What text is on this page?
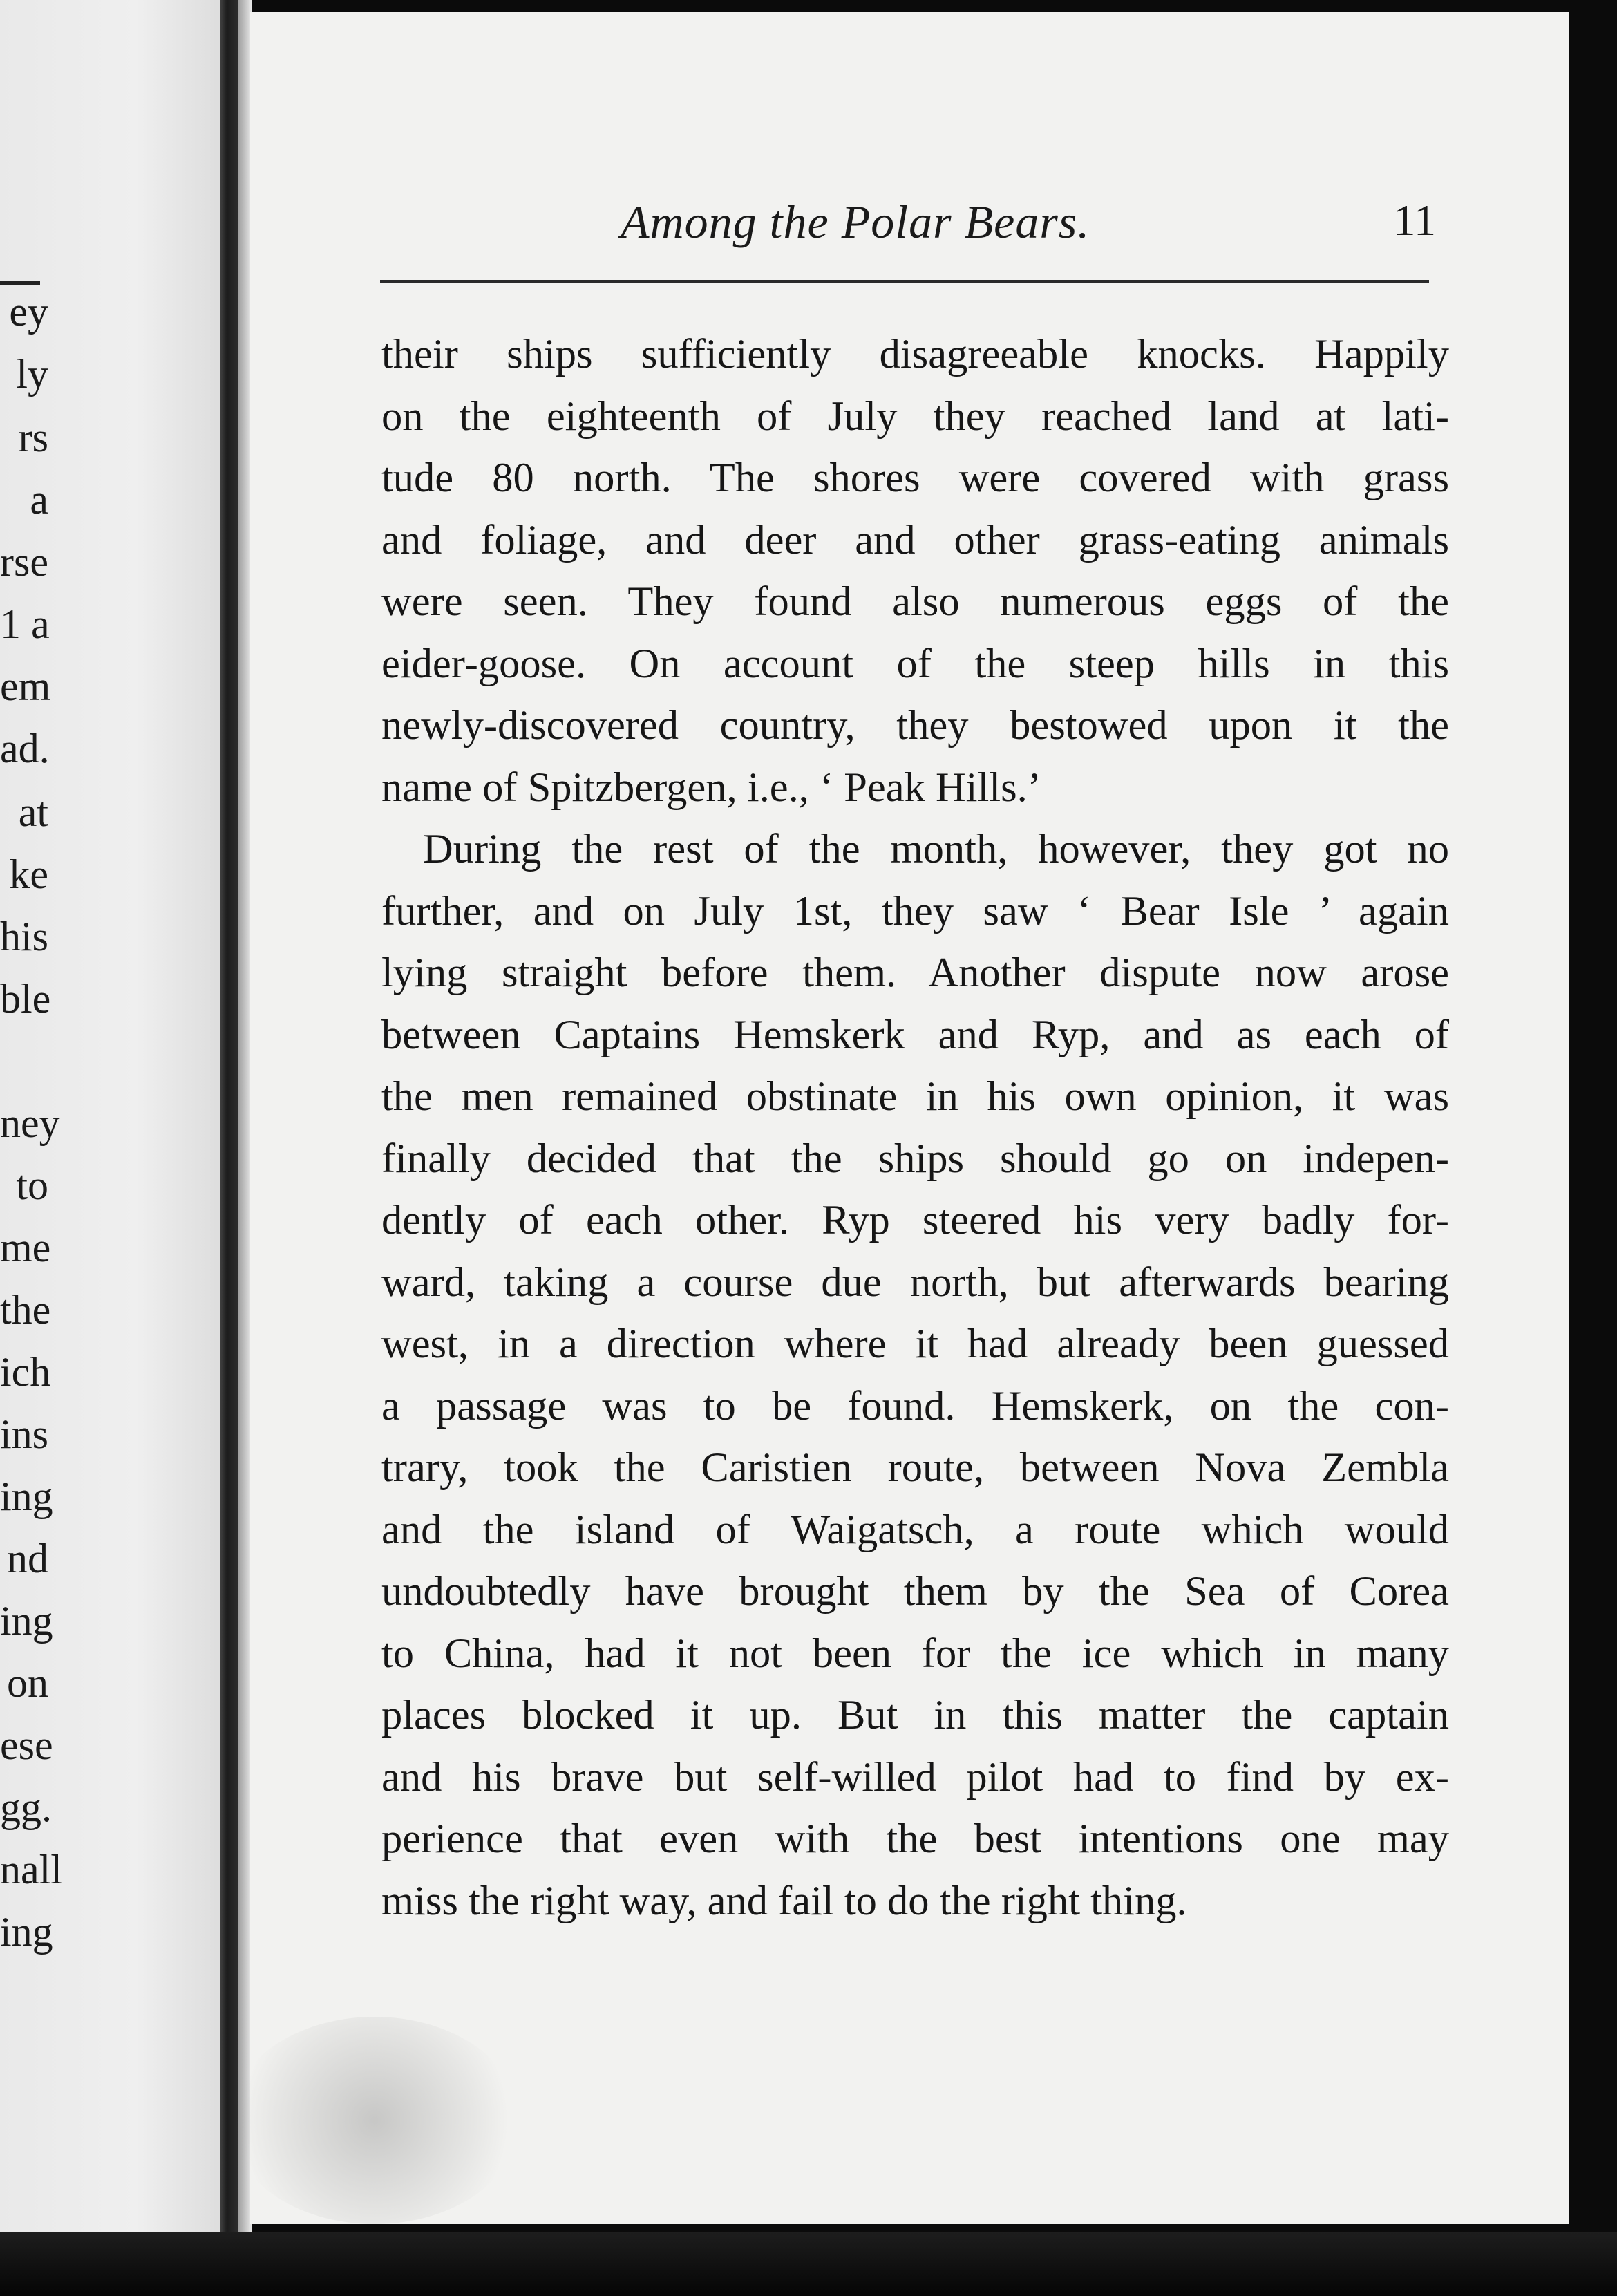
ey
ly
rs
a
rse
1 a
em
ad.
at
ke
his
ble
ney
to
me
the
ich
ins
ing
nd
ing
on
ese
gg.
nall
ing
Among the Polar Bears.	11
their ships sufficiently disagreeable knocks. Happily
on the eighteenth of July they reached land at lati-
tude 80 north. The shores were covered with grass
and foliage, and deer and other grass-eating animals
were seen. They found also numerous eggs of the
eider-goose. On account of the steep hills in this
newly-discovered country, they bestowed upon it the
name of Spitzbergen, i.e., ‘ Peak Hills.’
During the rest of the month, however, they got no
further, and on July 1st, they saw ‘ Bear Isle ’ again
lying straight before them. Another dispute now arose
between Captains Hemskerk and Ryp, and as each of
the men remained obstinate in his own opinion, it was
finally decided that the ships should go on indepen-
dently of each other. Ryp steered his very badly for-
ward, taking a course due north, but afterwards bearing
west, in a direction where it had already been guessed
a passage was to be found. Hemskerk, on the con-
trary, took the Caristien route, between Nova Zembla
and the island of Waigatsch, a route which would
undoubtedly have brought them by the Sea of Corea
to China, had it not been for the ice which in many
places blocked it up. But in this matter the captain
and his brave but self-willed pilot had to find by ex-
perience that even with the best intentions one may
miss the right way, and fail to do the right thing.
